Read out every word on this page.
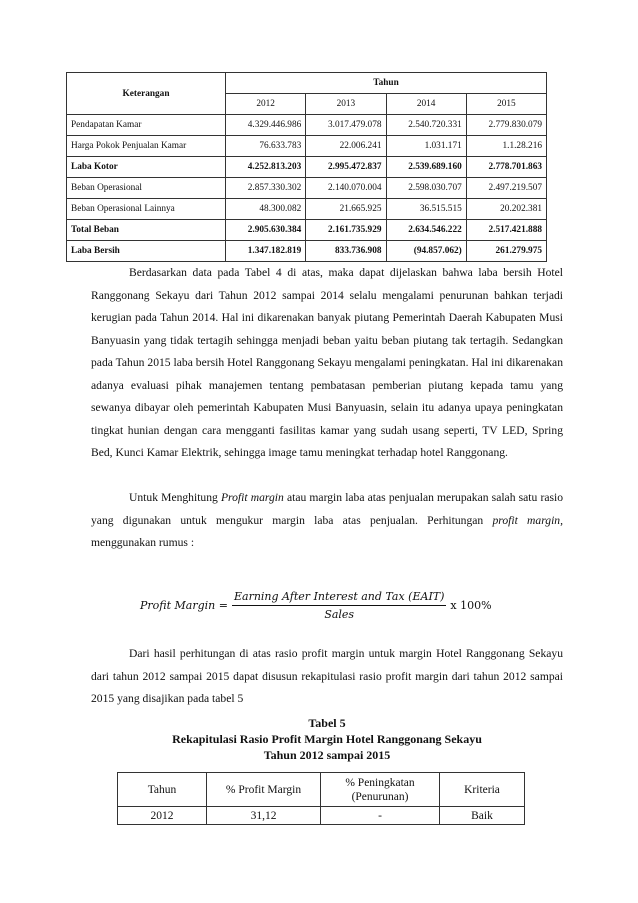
Keterangan	Tahun			
	2012	2013	2014	2015
Pendapatan Kamar	4.329.446.986	3.017.479.078	2.540.720.331	2.779.830.079
Harga Pokok Penjualan Kamar	76.633.783	22.006.241	1.031.171	1.1.28.216
Laba Kotor	4.252.813.203	2.995.472.837	2.539.689.160	2.778.701.863
Beban Operasional	2.857.330.302	2.140.070.004	2.598.030.707	2.497.219.507
Beban Operasional Lainnya	48.300.082	21.665.925	36.515.515	20.202.381
Total Beban	2.905.630.384	2.161.735.929	2.634.546.222	2.517.421.888
Laba Bersih	1.347.182.819	833.736.908	(94.857.062)	261.279.975

Berdasarkan data pada Tabel 4 di atas, maka dapat dijelaskan bahwa laba bersih Hotel Ranggonang Sekayu dari Tahun 2012 sampai 2014 selalu mengalami penurunan bahkan terjadi kerugian pada Tahun 2014. Hal ini dikarenakan banyak piutang Pemerintah Daerah Kabupaten Musi Banyuasin yang tidak tertagih sehingga menjadi beban yaitu beban piutang tak tertagih. Sedangkan pada Tahun 2015 laba bersih Hotel Ranggonang Sekayu mengalami peningkatan. Hal ini dikarenakan adanya evaluasi pihak manajemen tentang pembatasan pemberian piutang kepada tamu yang sewanya dibayar oleh pemerintah Kabupaten Musi Banyuasin, selain itu adanya upaya peningkatan tingkat hunian dengan cara mengganti fasilitas kamar yang sudah usang seperti, TV LED, Spring Bed, Kunci Kamar Elektrik, sehingga image tamu meningkat terhadap hotel Ranggonang.

Untuk Menghitung Profit margin atau margin laba atas penjualan merupakan salah satu rasio yang digunakan untuk mengukur margin laba atas penjualan. Perhitungan profit margin, menggunakan rumus :

Profit Margin = $\frac{\text{Earning After Interest and Tax (EAIT)}}{\text{Sales}}$ x 100%

Dari hasil perhitungan di atas rasio profit margin untuk margin Hotel Ranggonang Sekayu dari tahun 2012 sampai 2015 dapat disusun rekapitulasi rasio profit margin dari tahun 2012 sampai 2015 yang disajikan pada tabel 5

Tabel 5
Rekapitulasi Rasio Profit Margin Hotel Ranggonang Sekayu
Tahun 2012 sampai 2015
Tahun	% Profit Margin	% Peningkatan (Penurunan)	Kriteria
2012	31,12	-	Baik
